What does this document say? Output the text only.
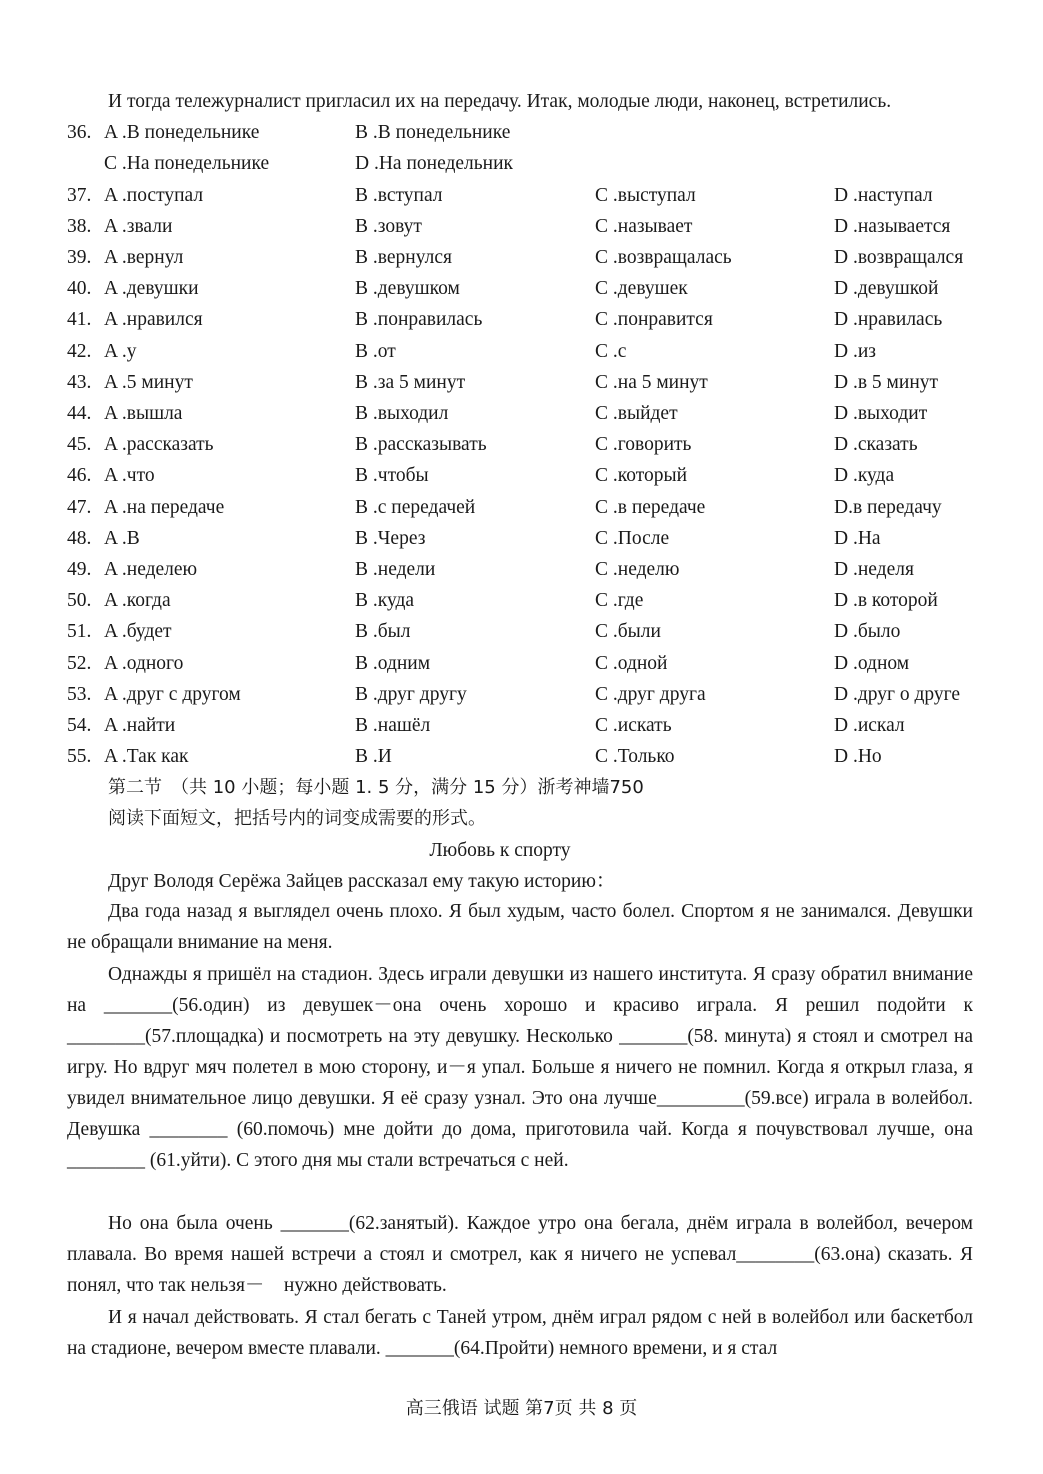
И тогда тележурналист пригласил их на передачу. Итак, молодые люди, наконец, встретились.
36. A .В понедельнике	B .В понедельнике
C .На понедельнике	D .На понедельник
37. A .поступал	B .вступал	C .выступал	D .наступал
38. A .звали	B .зовут	C .называет	D .называется
39. A .вернул	B .вернулся	C .возвращалась	D .возвращался
40. A .девушки	B .девушком	C .девушек	D .девушкой
41. A .нравился	B .понравилась	C .понравится	D .нравилась
42. A .у	B .от	C .с	D .из
43. A .5 минут	B .за 5 минут	C .на 5 минут	D .в 5 минут
44. A .вышла	B .выходил	C .выйдет	D .выходит
45. A .рассказать	B .рассказывать	C .говорить	D .сказать
46. A .что	B .чтобы	C .который	D .куда
47. A .на передаче	B .с передачей	C .в передаче	D.в передачу
48. A .В	B .Через	C .После	D .На
49. A .неделею	B .недели	C .неделю	D .неделя
50. A .когда	B .куда	C .где	D .в которой
51. A .будет	B .был	C .были	D .было
52. A .одного	B .одним	C .одной	D .одном
53. A .друг с другом	B .друг другу	C .друг друга	D .друг о друге
54. A .найти	B .нашёл	C .искать	D .искал
55. A .Так как	B .И	C .Только	D .Но
第二节　（共 10 小题；每小题 1. 5 分，满分 15 分）浙考神墙750
阅读下面短文，把括号内的词变成需要的形式。
Любовь к спорту
Друг Володя Серёжа Зайцев рассказал ему такую историю：
Два года назад я выглядел очень плохо. Я был худым, часто болел. Спортом я не занимался. Девушки не обращали внимание на меня.
Однажды я пришёл на стадион. Здесь играли девушки из нашего института. Я сразу обратил внимание на _______(56.один) из девушек－она очень хорошо и красиво играла. Я решил подойти к ________(57.площадка) и посмотреть на эту девушку. Несколько _______(58. минута) я стоял и смотрел на игру. Но вдруг мяч полетел в мою сторону, и－я упал. Больше я ничего не помнил. Когда я открыл глаза, я увидел внимательное лицо девушки. Я её сразу узнал. Это она лучше_________(59.все) играла в волейбол. Девушка ________ (60.помочь) мне дойти до дома, приготовила чай. Когда я почувствовал лучше, она ________ (61.уйти). С этого дня мы стали встречаться с ней.
Но она была очень _______(62.занятый). Каждое утро она бегала, днём играла в волейбол, вечером плавала. Во время нашей встречи а стоял и смотрел, как я ничего не успевал________(63.она) сказать. Я понял, что так нельзя－　нужно действовать.
И я начал действовать. Я стал бегать с Таней утром, днём играл рядом с ней в волейбол или баскетбол на стадионе, вечером вместе плавали. _______(64.Пройти) немного времени, и я стал
高三俄语 试题 第7页 共 8 页
